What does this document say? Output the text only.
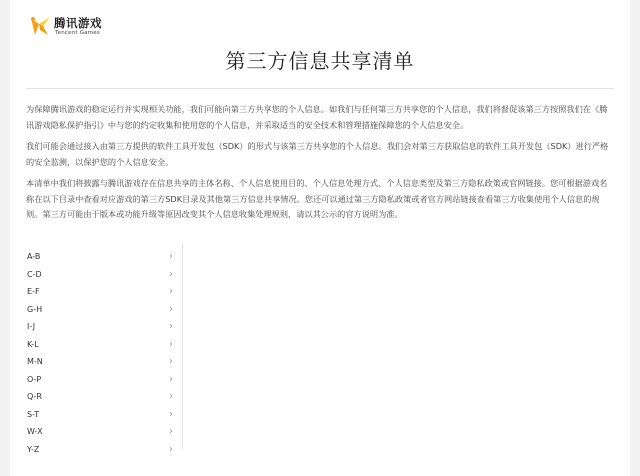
腾讯游戏
Tencent Games
第三方信息共享清单

为保障腾讯游戏的稳定运行并实现相关功能，我们可能向第三方共享您的个人信息。如我们与任何第三方共享您的个人信息，我们将督促该第三方按照我们在《腾讯游戏隐私保护指引》中与您的约定收集和使用您的个人信息，并采取适当的安全技术和管理措施保障您的个人信息安全。

我们可能会通过接入由第三方提供的软件工具开发包（SDK）的形式与该第三方共享您的个人信息。我们会对第三方获取信息的软件工具开发包（SDK）进行严格的安全监测，以保护您的个人信息安全。

本清单中我们将披露与腾讯游戏存在信息共享的主体名称、个人信息使用目的、个人信息处理方式、个人信息类型及第三方隐私政策或官网链接。您可根据游戏名称在以下目录中查看对应游戏的第三方SDK目录及其他第三方信息共享情况。您还可以通过第三方隐私政策或者官方网站链接查看第三方收集使用个人信息的规则。第三方可能由于版本或功能升级等原因改变其个人信息收集处理规则，请以其公示的官方说明为准。

A-B	›
C-D	›
E-F	›
G-H	›
I-J	›
K-L	›
M-N	›
O-P	›
Q-R	›
S-T	›
W-X	›
Y-Z	›
